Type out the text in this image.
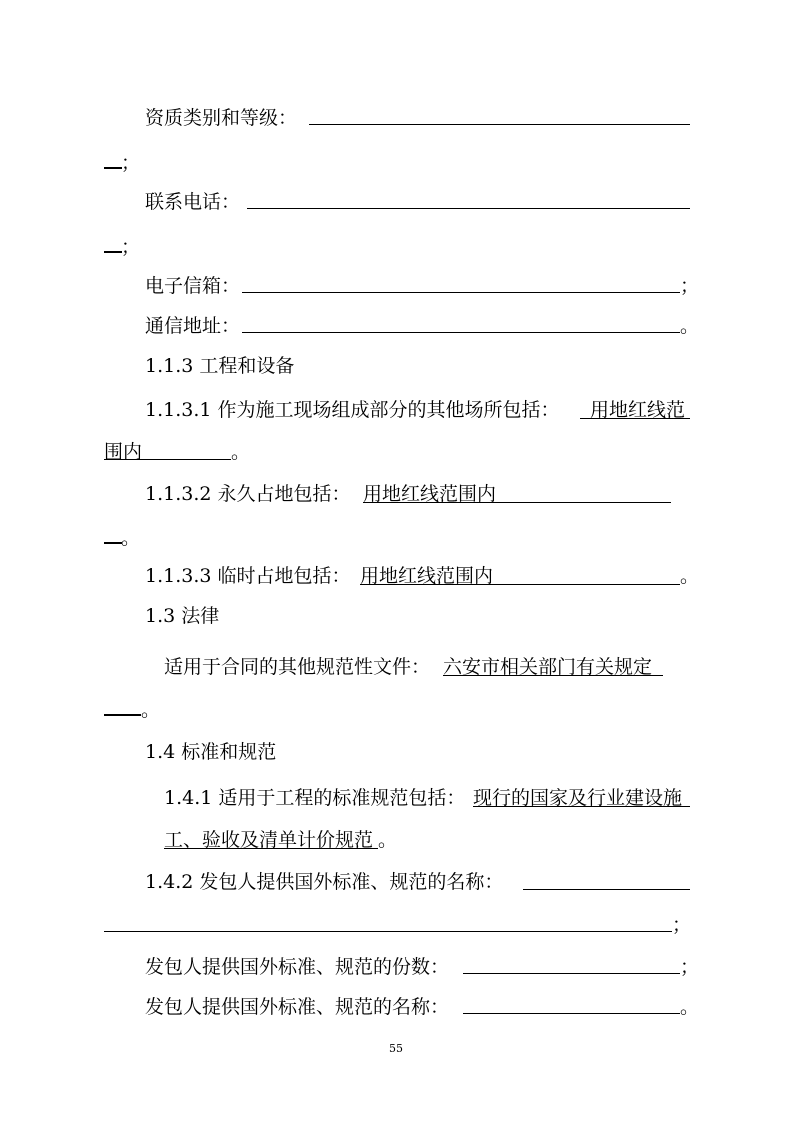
资质类别和等级：
；
联系电话：
；
电子信箱：	；
通信地址：	。
1.1.3 工程和设备
1.1.3.1 作为施工现场组成部分的其他场所包括： 用地红线范
围内	。
1.1.3.2 永久占地包括： 用地红线范围内
。
1.1.3.3 临时占地包括： 用地红线范围内	。
1.3 法律
适用于合同的其他规范性文件： 六安市相关部门有关规定
。
1.4 标准和规范
1.4.1 适用于工程的标准规范包括： 现行的国家及行业建设施
工、验收及清单计价规范 。
1.4.2 发包人提供国外标准、规范的名称：
；
发包人提供国外标准、规范的份数：	；
发包人提供国外标准、规范的名称：	。
55
